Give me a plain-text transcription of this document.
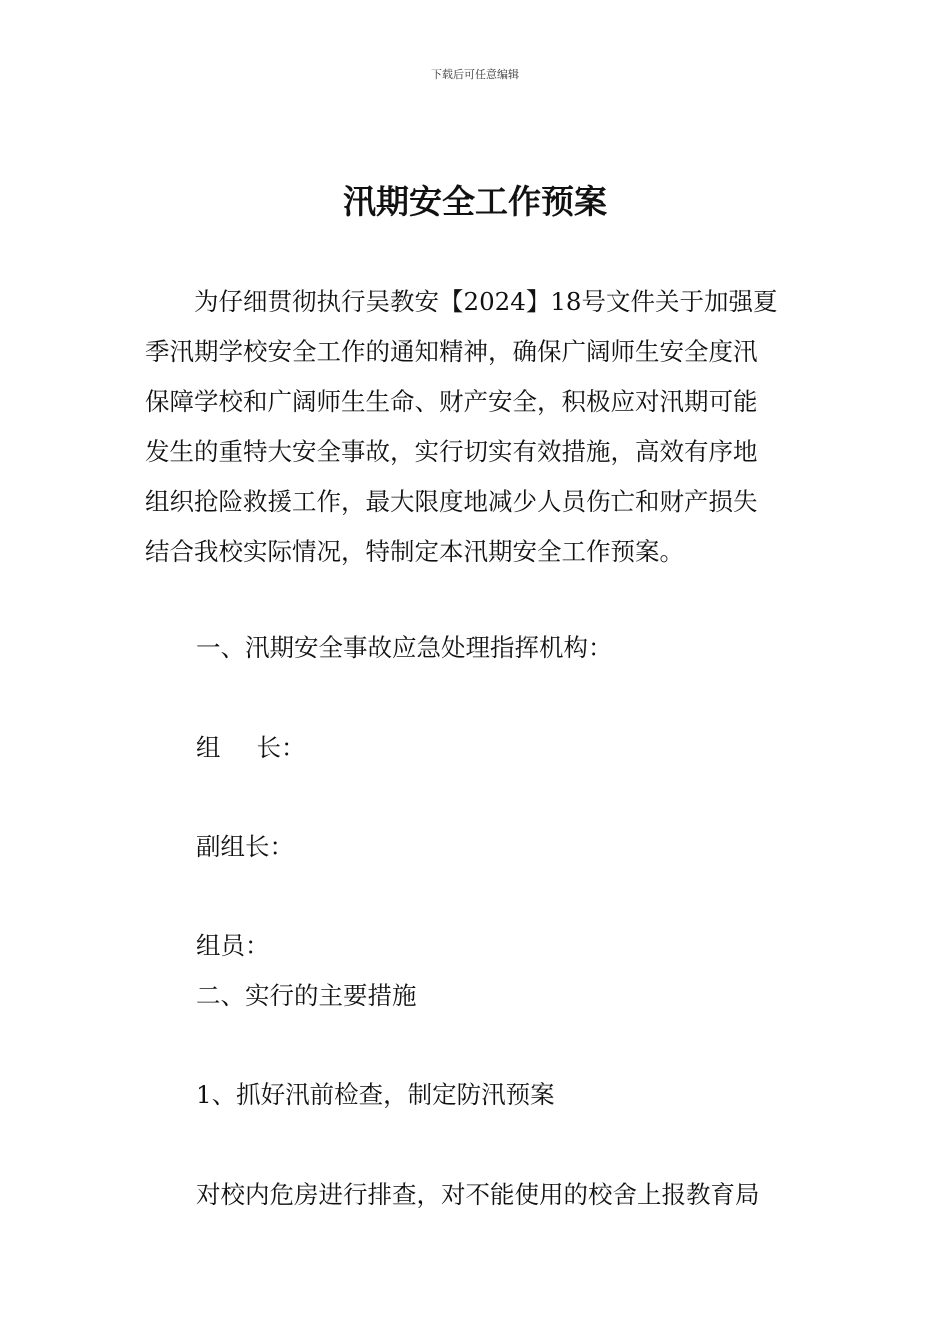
下载后可任意编辑
汛期安全工作预案
为仔细贯彻执行吴教安【2024】18号文件关于加强夏
季汛期学校安全工作的通知精神，确保广阔师生安全度汛
保障学校和广阔师生生命、财产安全，积极应对汛期可能
发生的重特大安全事故，实行切实有效措施，高效有序地
组织抢险救援工作，最大限度地减少人员伤亡和财产损失
结合我校实际情况，特制定本汛期安全工作预案。
一、汛期安全事故应急处理指挥机构：
组 长：
副组长：
组员：
二、实行的主要措施
1、抓好汛前检查，制定防汛预案
对校内危房进行排查，对不能使用的校舍上报教育局
